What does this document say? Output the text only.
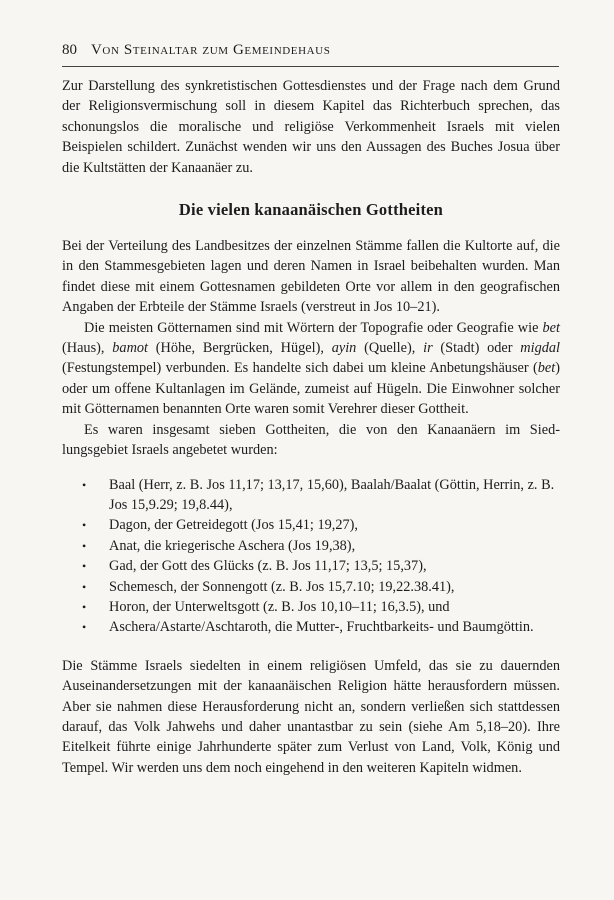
80 Von Steinaltar zum Gemeindehaus

Zur Darstellung des synkretistischen Gottesdienstes und der Frage nach dem Grund der Religionsvermischung soll in diesem Kapitel das Richterbuch sprechen, das schonungslos die moralische und religiöse Verkommenheit Israels mit vielen Beispielen schildert. Zunächst wenden wir uns den Aussagen des Buches Josua über die Kultstätten der Kanaanäer zu.

Die vielen kanaanäischen Gottheiten

Bei der Verteilung des Landbesitzes der einzelnen Stämme fallen die Kultorte auf, die in den Stammesgebieten lagen und deren Namen in Israel beibehalten wurden. Man findet diese mit einem Gottesnamen gebildeten Orte vor allem in den geografischen Angaben der Erbteile der Stämme Israels (verstreut in Jos 10–21).

Die meisten Götternamen sind mit Wörtern der Topografie oder Geografie wie bet (Haus), bamot (Höhe, Bergrücken, Hügel), ayin (Quelle), ir (Stadt) oder migdal (Festungstempel) verbunden. Es handelte sich dabei um kleine Anbetungshäuser (bet) oder um offene Kultanlagen im Gelände, zumeist auf Hügeln. Die Einwohner solcher mit Götternamen benannten Orte waren somit Verehrer dieser Gottheit.

Es waren insgesamt sieben Gottheiten, die von den Kanaanäern im Siedlungsgebiet Israels angebetet wurden:

• Baal (Herr, z. B. Jos 11,17; 13,17, 15,60), Baalah/Baalat (Göttin, Herrin, z. B. Jos 15,9.29; 19,8.44),
• Dagon, der Getreidegott (Jos 15,41; 19,27),
• Anat, die kriegerische Aschera (Jos 19,38),
• Gad, der Gott des Glücks (z. B. Jos 11,17; 13,5; 15,37),
• Schemesch, der Sonnengott (z. B. Jos 15,7.10; 19,22.38.41),
• Horon, der Unterweltsgott (z. B. Jos 10,10–11; 16,3.5), und
• Aschera/Astarte/Aschtaroth, die Mutter-, Fruchtbarkeits- und Baumgöttin.

Die Stämme Israels siedelten in einem religiösen Umfeld, das sie zu dauernden Auseinandersetzungen mit der kanaanäischen Religion hätte herausfordern müssen. Aber sie nahmen diese Herausforderung nicht an, sondern verließen sich stattdessen darauf, das Volk Jahwehs und daher unantastbar zu sein (siehe Am 5,18–20). Ihre Eitelkeit führte einige Jahrhunderte später zum Verlust von Land, Volk, König und Tempel. Wir werden uns dem noch eingehend in den weiteren Kapiteln widmen.
